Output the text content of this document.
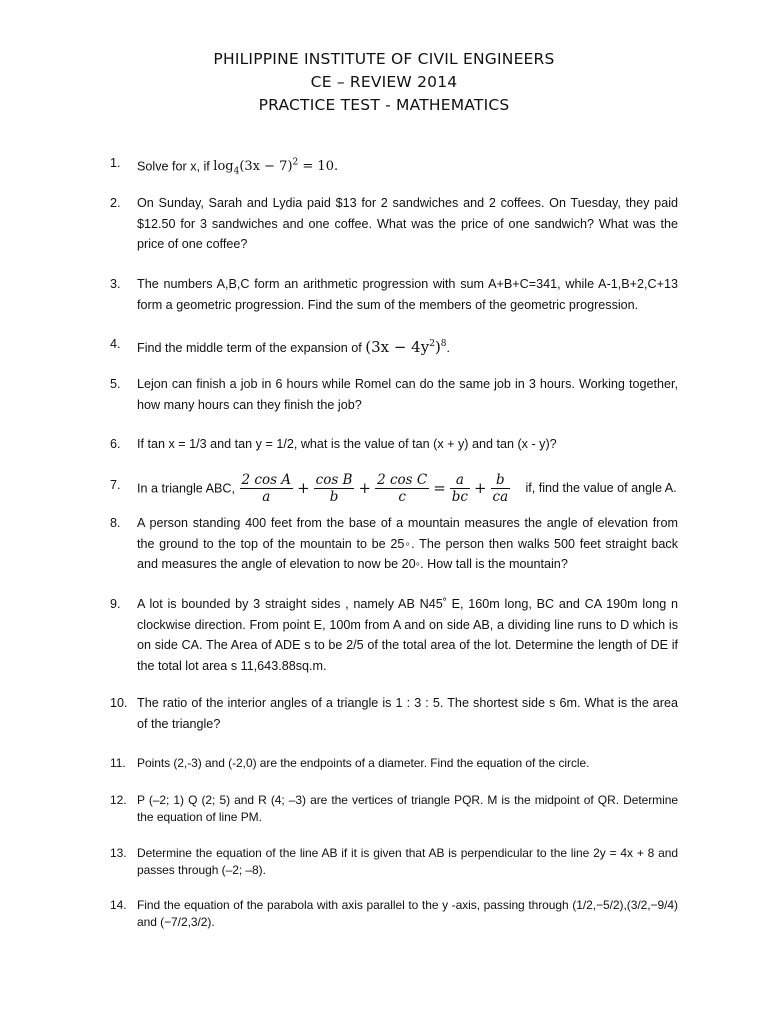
PHILIPPINE INSTITUTE OF CIVIL ENGINEERS
CE – REVIEW 2014
PRACTICE TEST - MATHEMATICS
1.	Solve for x, if $\log_4(3x - 7)^2 = 10$.
2.	On Sunday, Sarah and Lydia paid $13 for 2 sandwiches and 2 coffees. On Tuesday, they paid $12.50 for 3 sandwiches and one coffee. What was the price of one sandwich? What was the price of one coffee?
3.	The numbers A,B,C form an arithmetic progression with sum A+B+C=341, while A-1,B+2,C+13 form a geometric progression. Find the sum of the members of the geometric progression.
4.	Find the middle term of the expansion of $(3x - 4y^2)^8$.
5.	Lejon can finish a job in 6 hours while Romel can do the same job in 3 hours. Working together, how many hours can they finish the job?
6.	If tan x = 1/3 and tan y = 1/2, what is the value of tan (x + y) and tan (x - y)?
7.	In a triangle ABC, $\frac{\text{2 cos A}}{a} + \frac{\text{cos B}}{b} + \frac{\text{2 cos C}}{c} = \frac{a}{bc} + \frac{b}{ca}$ if, find the value of angle A.
8.	A person standing 400 feet from the base of a mountain measures the angle of elevation from the ground to the top of the mountain to be 25◦. The person then walks 500 feet straight back and measures the angle of elevation to now be 20◦. How tall is the mountain?
9.	A lot is bounded by 3 straight sides , namely AB N45˚ E, 160m long, BC and CA 190m long n clockwise direction. From point E, 100m from A and on side AB, a dividing line runs to D which is on side CA. The Area of ADE s to be 2/5 of the total area of the lot. Determine the length of DE if the total lot area s 11,643.88sq.m.
10. The ratio of the interior angles of a triangle is 1 : 3 : 5. The shortest side s 6m. What is the area of the triangle?
11. Points (2,-3) and (-2,0) are the endpoints of a diameter. Find the equation of the circle.
12. P (–2; 1) Q (2; 5) and R (4; –3) are the vertices of triangle PQR. M is the midpoint of QR. Determine the equation of line PM.
13. Determine the equation of the line AB if it is given that AB is perpendicular to the line 2y = 4x + 8 and passes through (–2; –8).
14. Find the equation of the parabola with axis parallel to the y -axis, passing through (1/2,−5/2),(3/2,−9/4) and (−7/2,3/2).
